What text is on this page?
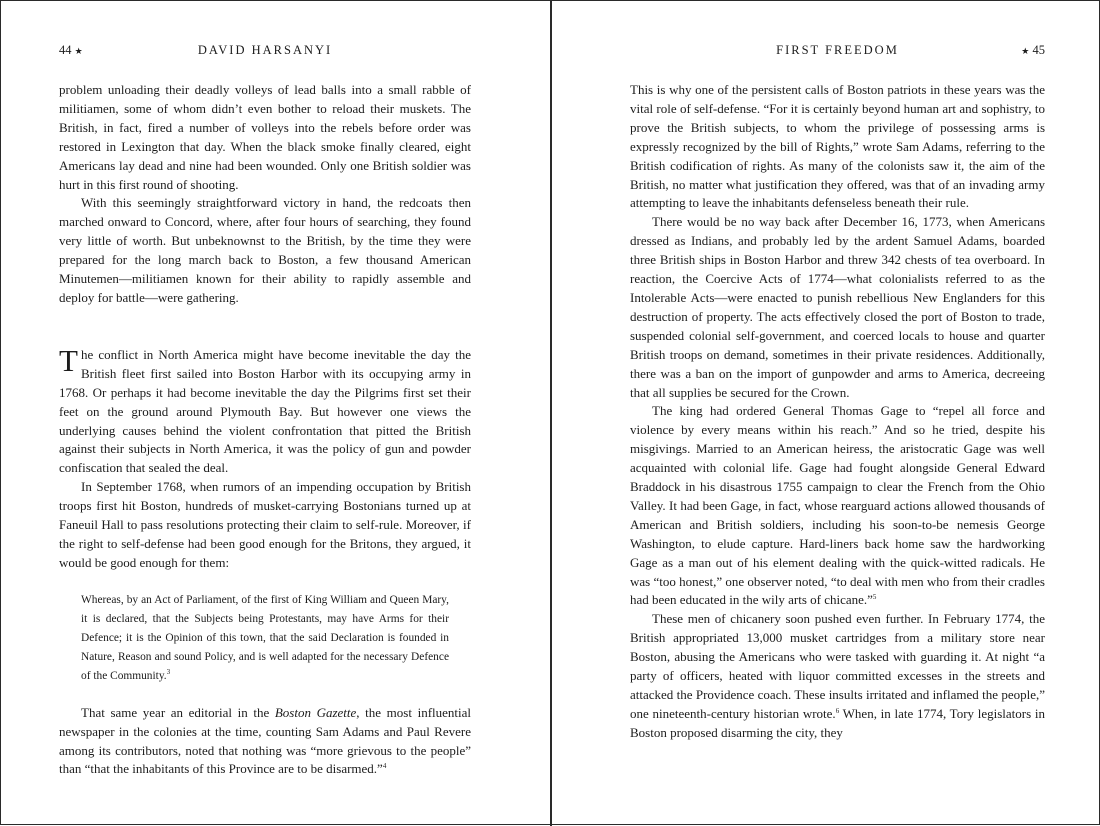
44 ★	DAVID HARSANYI

problem unloading their deadly volleys of lead balls into a small rabble of militiamen, some of whom didn’t even bother to reload their muskets. The British, in fact, fired a number of volleys into the rebels before order was restored in Lexington that day. When the black smoke finally cleared, eight Americans lay dead and nine had been wounded. Only one British soldier was hurt in this first round of shooting.

With this seemingly straightforward victory in hand, the redcoats then marched onward to Concord, where, after four hours of searching, they found very little of worth. But unbeknownst to the British, by the time they were prepared for the long march back to Boston, a few thousand American Minutemen—militiamen known for their ability to rapidly assemble and deploy for battle—were gathering.

The conflict in North America might have become inevitable the day the British fleet first sailed into Boston Harbor with its occupying army in 1768. Or perhaps it had become inevitable the day the Pilgrims first set their feet on the ground around Plymouth Bay. But however one views the underlying causes behind the violent confrontation that pitted the British against their subjects in North America, it was the policy of gun and powder confiscation that sealed the deal.

In September 1768, when rumors of an impending occupation by British troops first hit Boston, hundreds of musket-carrying Bostonians turned up at Faneuil Hall to pass resolutions protecting their claim to self-rule. Moreover, if the right to self-defense had been good enough for the Britons, they argued, it would be good enough for them:

Whereas, by an Act of Parliament, of the first of King William and Queen Mary, it is declared, that the Subjects being Protestants, may have Arms for their Defence; it is the Opinion of this town, that the said Declaration is founded in Nature, Reason and sound Policy, and is well adapted for the necessary Defence of the Community.$^3$

That same year an editorial in the Boston Gazette, the most influential newspaper in the colonies at the time, counting Sam Adams and Paul Revere among its contributors, noted that nothing was “more grievous to the people” than “that the inhabitants of this Province are to be disarmed.”$^4$

FIRST FREEDOM	★ 45

This is why one of the persistent calls of Boston patriots in these years was the vital role of self-defense. “For it is certainly beyond human art and sophistry, to prove the British subjects, to whom the privilege of possessing arms is expressly recognized by the bill of Rights,” wrote Sam Adams, referring to the British codification of rights. As many of the colonists saw it, the aim of the British, no matter what justification they offered, was that of an invading army attempting to leave the inhabitants defenseless beneath their rule.

There would be no way back after December 16, 1773, when Americans dressed as Indians, and probably led by the ardent Samuel Adams, boarded three British ships in Boston Harbor and threw 342 chests of tea overboard. In reaction, the Coercive Acts of 1774—what colonialists referred to as the Intolerable Acts—were enacted to punish rebellious New Englanders for this destruction of property. The acts effectively closed the port of Boston to trade, suspended colonial self-government, and coerced locals to house and quarter British troops on demand, sometimes in their private residences. Additionally, there was a ban on the import of gunpowder and arms to America, decreeing that all supplies be secured for the Crown.

The king had ordered General Thomas Gage to “repel all force and violence by every means within his reach.” And so he tried, despite his misgivings. Married to an American heiress, the aristocratic Gage was well acquainted with colonial life. Gage had fought alongside General Edward Braddock in his disastrous 1755 campaign to clear the French from the Ohio Valley. It had been Gage, in fact, whose rearguard actions allowed thousands of American and British soldiers, including his soon-to-be nemesis George Washington, to elude capture. Hard-liners back home saw the hardworking Gage as a man out of his element dealing with the quick-witted radicals. He was “too honest,” one observer noted, “to deal with men who from their cradles had been educated in the wily arts of chicane.”$^5$

These men of chicanery soon pushed even further. In February 1774, the British appropriated 13,000 musket cartridges from a military store near Boston, abusing the Americans who were tasked with guarding it. At night “a party of officers, heated with liquor committed excesses in the streets and attacked the Providence coach. These insults irritated and inflamed the people,” one nineteenth-century historian wrote.$^6$ When, in late 1774, Tory legislators in Boston proposed disarming the city, they
